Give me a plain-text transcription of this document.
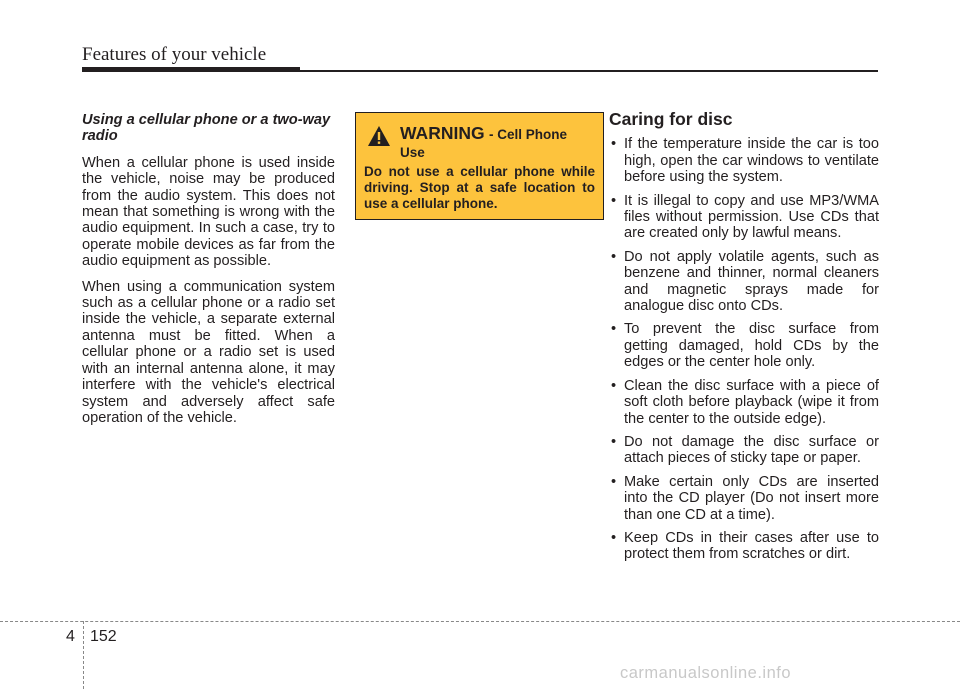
Features of your vehicle
Using a cellular phone or a two-way radio

When a cellular phone is used inside the vehicle, noise may be produced from the audio system. This does not mean that something is wrong with the audio equipment. In such a case, try to operate mobile devices as far from the audio equipment as possible.

When using a communication system such as a cellular phone or a radio set inside the vehicle, a separate external antenna must be fitted. When a cellular phone or a radio set is used with an internal antenna alone, it may interfere with the vehicle's electrical system and adversely affect safe operation of the vehicle.

WARNING - Cell Phone Use
Do not use a cellular phone while driving. Stop at a safe location to use a cellular phone.
Caring for disc
• If the temperature inside the car is too high, open the car windows to ventilate before using the system.
• It is illegal to copy and use MP3/WMA files without permission. Use CDs that are created only by lawful means.
• Do not apply volatile agents, such as benzene and thinner, normal cleaners and magnetic sprays made for analogue disc onto CDs.
• To prevent the disc surface from getting damaged, hold CDs by the edges or the center hole only.
• Clean the disc surface with a piece of soft cloth before playback (wipe it from the center to the outside edge).
• Do not damage the disc surface or attach pieces of sticky tape or paper.
• Make certain only CDs are inserted into the CD player (Do not insert more than one CD at a time).
• Keep CDs in their cases after use to protect them from scratches or dirt.
4 152
carmanualsonline.info
